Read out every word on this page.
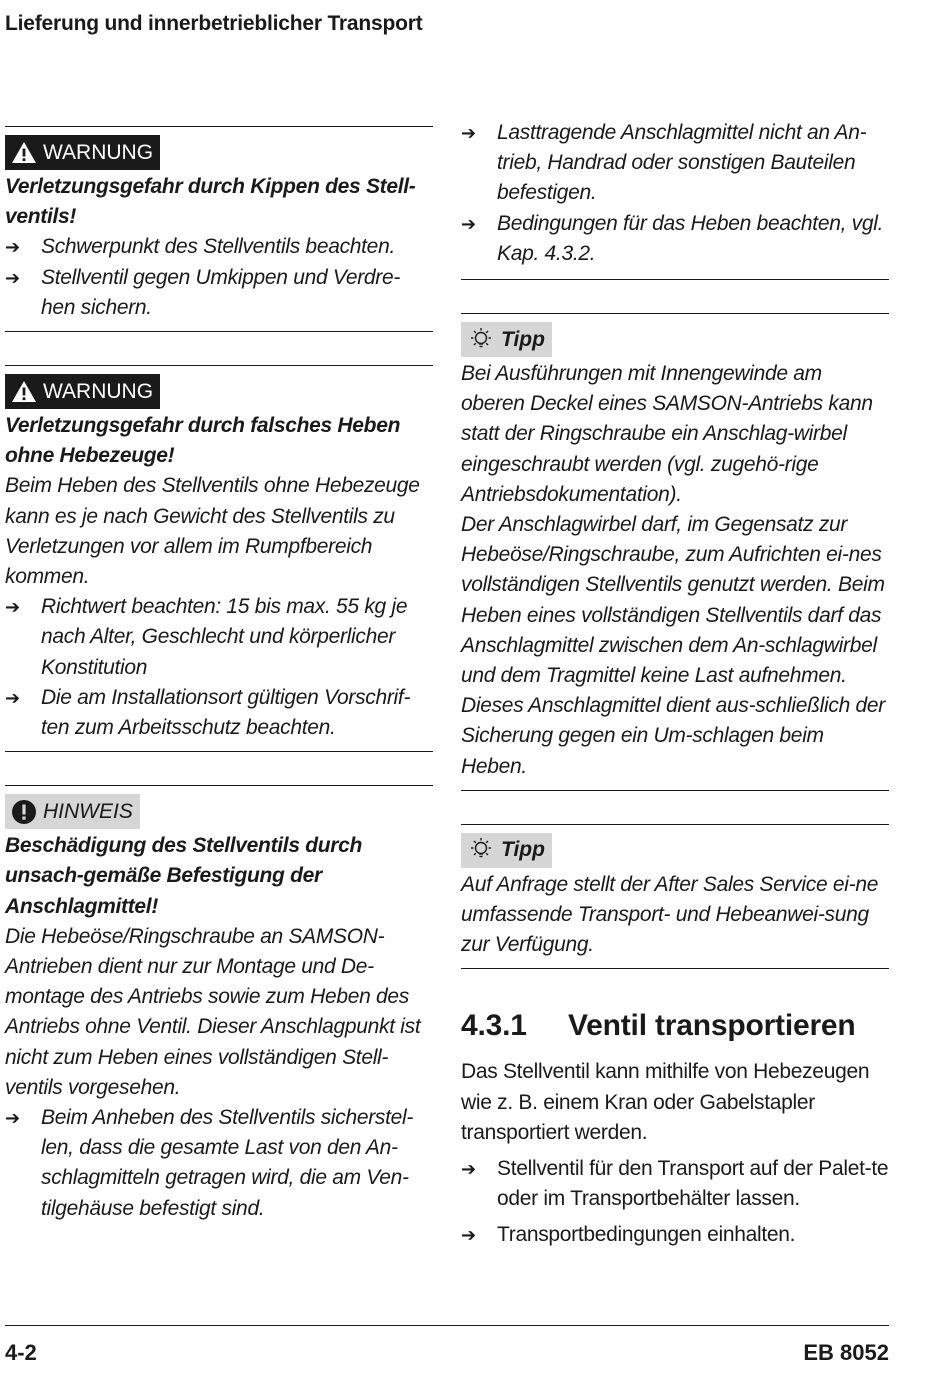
Lieferung und innerbetrieblicher Transport
WARNUNG
Verletzungsgefahr durch Kippen des Stell-ventils!
➔	Schwerpunkt des Stellventils beachten.
➔	Stellventil gegen Umkippen und Verdre-hen sichern.
WARNUNG
Verletzungsgefahr durch falsches Heben ohne Hebezeuge!
Beim Heben des Stellventils ohne Hebezeuge kann es je nach Gewicht des Stellventils zu Verletzungen vor allem im Rumpfbereich kommen.
➔	Richtwert beachten: 15 bis max. 55 kg je nach Alter, Geschlecht und körperlicher Konstitution
➔	Die am Installationsort gültigen Vorschrif-ten zum Arbeitsschutz beachten.
HINWEIS
Beschädigung des Stellventils durch unsach-gemäße Befestigung der Anschlagmittel!
Die Hebeöse/Ringschraube an SAMSON-Antrieben dient nur zur Montage und De-montage des Antriebs sowie zum Heben des Antriebs ohne Ventil. Dieser Anschlagpunkt ist nicht zum Heben eines vollständigen Stell-ventils vorgesehen.
➔	Beim Anheben des Stellventils sicherstel-len, dass die gesamte Last von den An-schlagmitteln getragen wird, die am Ven-tilgehäuse befestigt sind.
➔	Lasttragende Anschlagmittel nicht an An-trieb, Handrad oder sonstigen Bauteilen befestigen.
➔	Bedingungen für das Heben beachten, vgl. Kap. 4.3.2.
Tipp
Bei Ausführungen mit Innengewinde am oberen Deckel eines SAMSON-Antriebs kann statt der Ringschraube ein Anschlag-wirbel eingeschraubt werden (vgl. zugehö-rige Antriebsdokumentation).
Der Anschlagwirbel darf, im Gegensatz zur Hebeöse/Ringschraube, zum Aufrichten ei-nes vollständigen Stellventils genutzt werden. Beim Heben eines vollständigen Stellventils darf das Anschlagmittel zwischen dem An-schlagwirbel und dem Tragmittel keine Last aufnehmen. Dieses Anschlagmittel dient aus-schließlich der Sicherung gegen ein Um-schlagen beim Heben.
Tipp
Auf Anfrage stellt der After Sales Service ei-ne umfassende Transport- und Hebeanwei-sung zur Verfügung.
4.3.1	Ventil transportieren
Das Stellventil kann mithilfe von Hebezeugen wie z. B. einem Kran oder Gabelstapler transportiert werden.
➔	Stellventil für den Transport auf der Palet-te oder im Transportbehälter lassen.
➔	Transportbedingungen einhalten.
4-2	EB 8052
